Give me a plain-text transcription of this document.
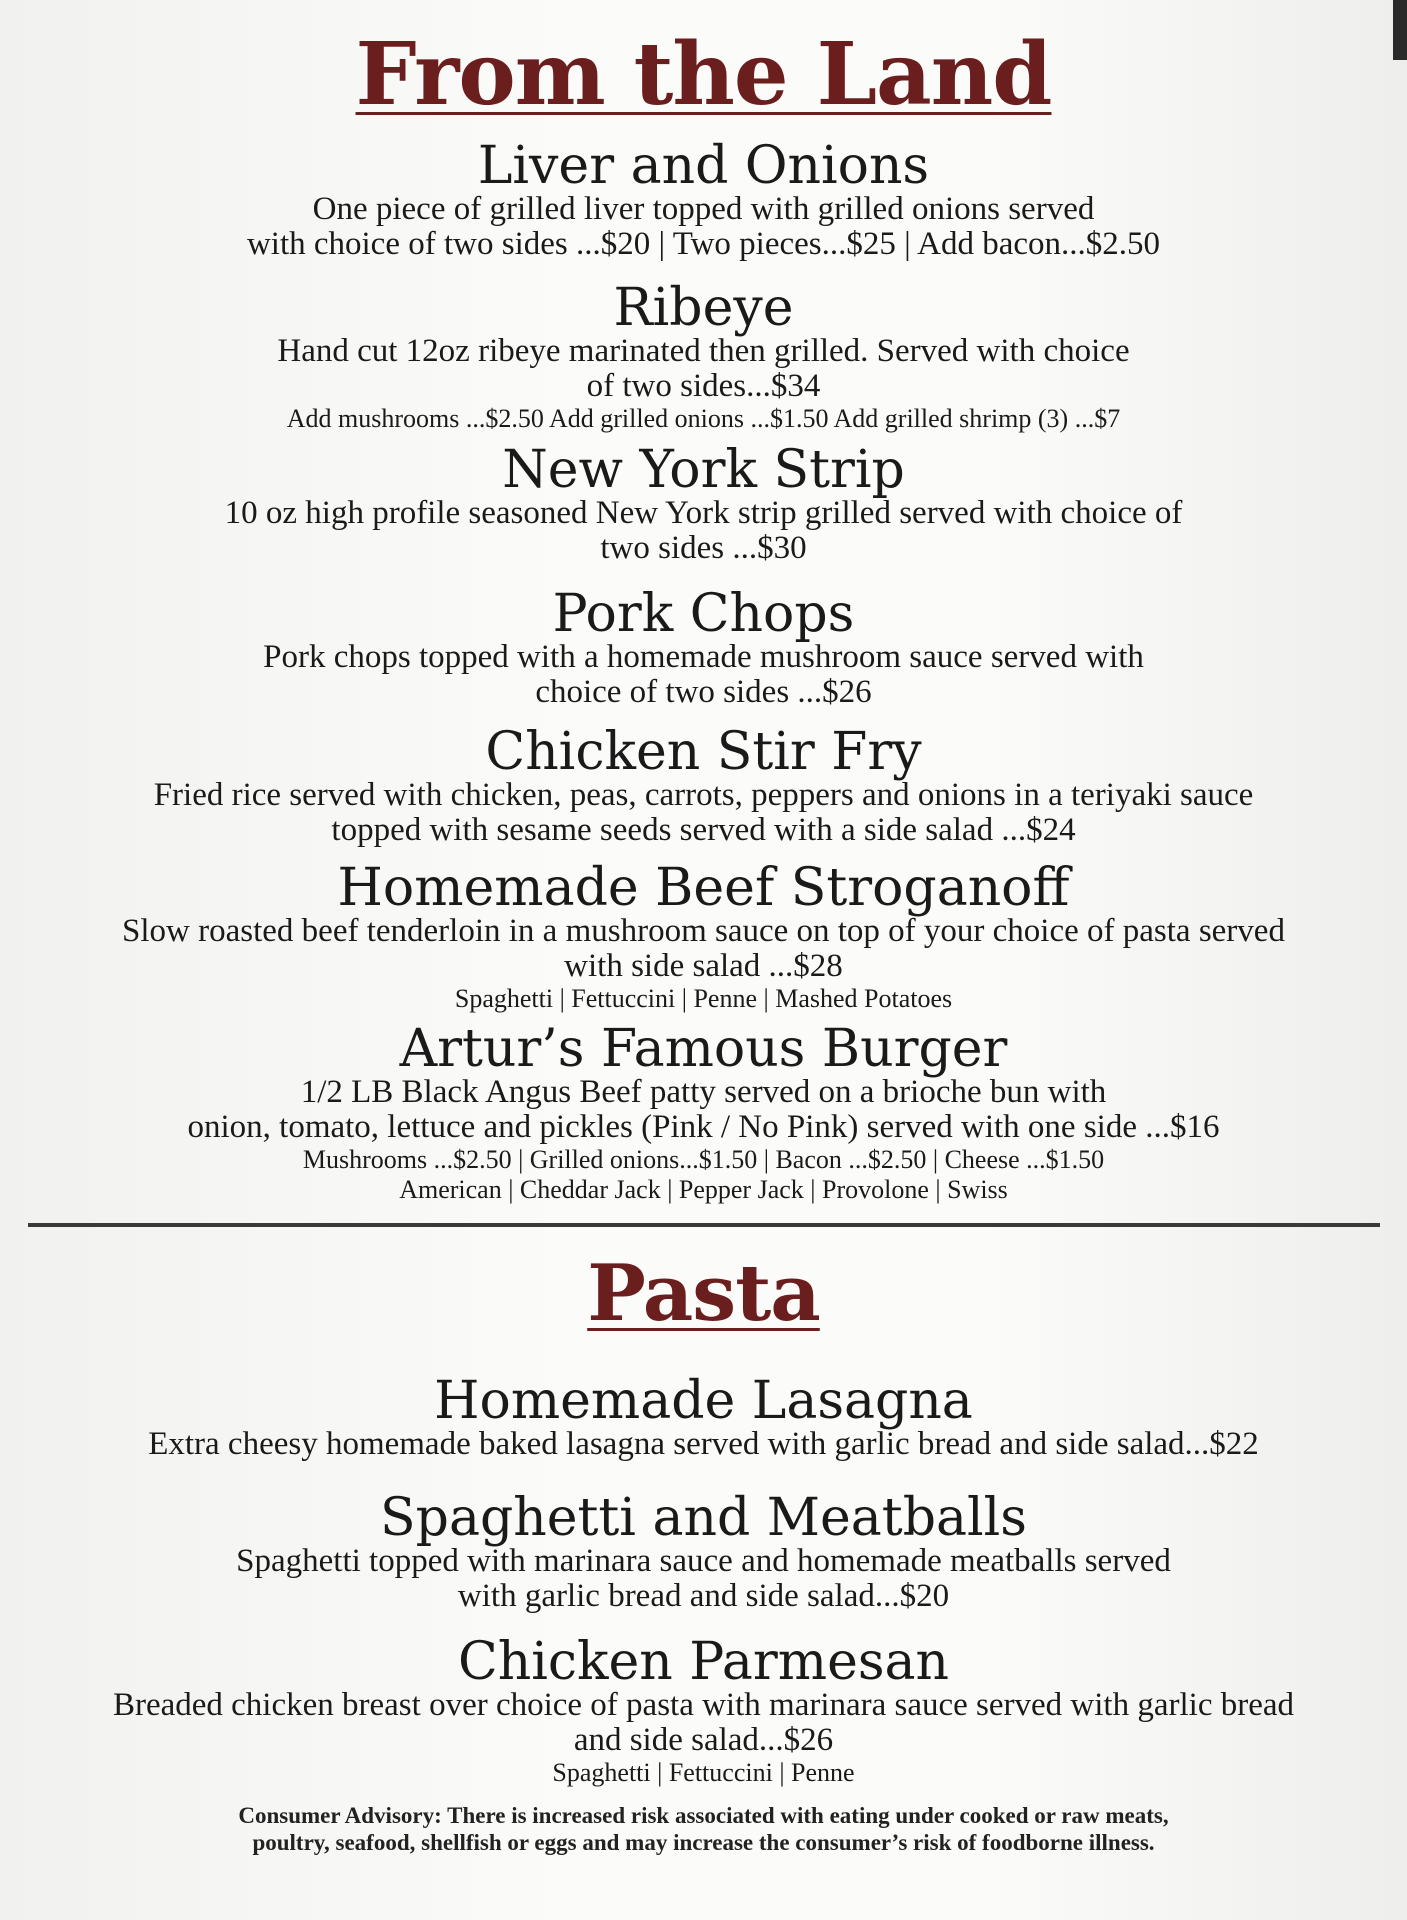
From the Land
Liver and Onions
One piece of grilled liver topped with grilled onions served
with choice of two sides ...$20 | Two pieces...$25 | Add bacon...$2.50
Ribeye
Hand cut 12oz ribeye marinated then grilled. Served with choice
of two sides...$34
Add mushrooms ...$2.50 Add grilled onions ...$1.50 Add grilled shrimp (3) ...$7
New York Strip
10 oz high profile seasoned New York strip grilled served with choice of
two sides ...$30
Pork Chops
Pork chops topped with a homemade mushroom sauce served with
choice of two sides ...$26
Chicken Stir Fry
Fried rice served with chicken, peas, carrots, peppers and onions in a teriyaki sauce
topped with sesame seeds served with a side salad ...$24
Homemade Beef Stroganoff
Slow roasted beef tenderloin in a mushroom sauce on top of your choice of pasta served
with side salad ...$28
Spaghetti | Fettuccini | Penne | Mashed Potatoes
Artur’s Famous Burger
1/2 LB Black Angus Beef patty served on a brioche bun with
onion, tomato, lettuce and pickles (Pink / No Pink) served with one side ...$16
Mushrooms ...$2.50 | Grilled onions...$1.50 | Bacon ...$2.50 | Cheese ...$1.50
American | Cheddar Jack | Pepper Jack | Provolone | Swiss
Pasta
Homemade Lasagna
Extra cheesy homemade baked lasagna served with garlic bread and side salad...$22
Spaghetti and Meatballs
Spaghetti topped with marinara sauce and homemade meatballs served
with garlic bread and side salad...$20
Chicken Parmesan
Breaded chicken breast over choice of pasta with marinara sauce served with garlic bread
and side salad...$26
Spaghetti | Fettuccini | Penne
Consumer Advisory: There is increased risk associated with eating under cooked or raw meats,
poultry, seafood, shellfish or eggs and may increase the consumer’s risk of foodborne illness.
